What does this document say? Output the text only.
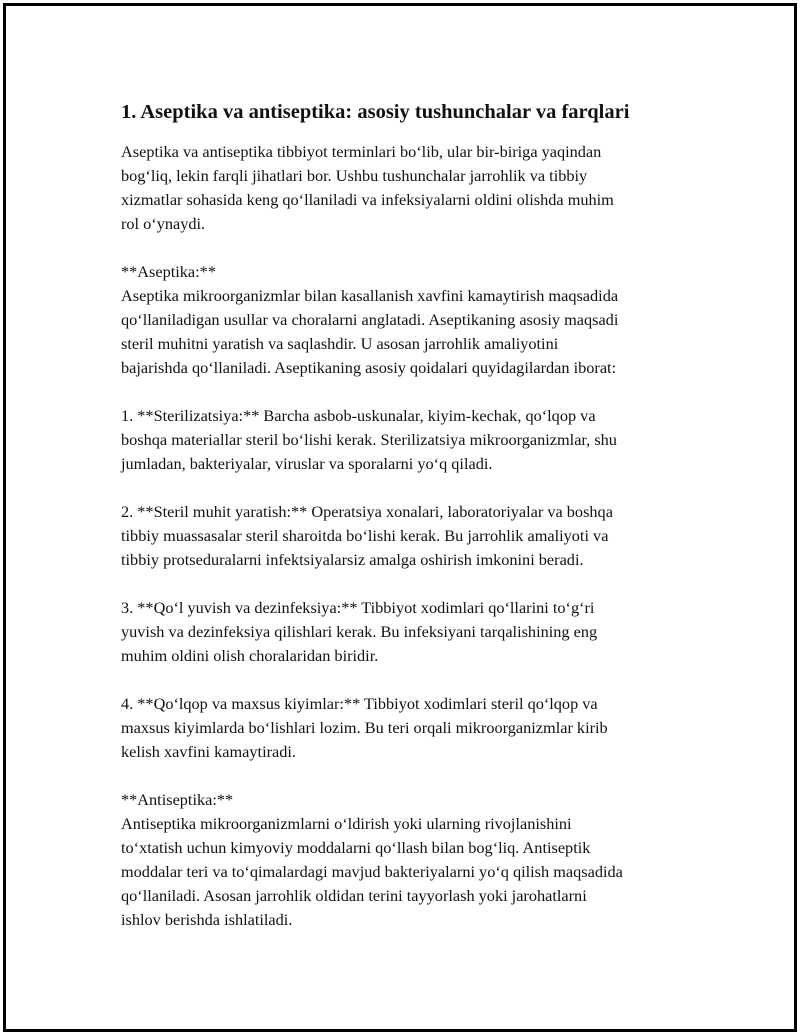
1. Aseptika va antiseptika: asosiy tushunchalar va farqlari

Aseptika va antiseptika tibbiyot terminlari bo‘lib, ular bir-biriga yaqindan
bog‘liq, lekin farqli jihatlari bor. Ushbu tushunchalar jarrohlik va tibbiy
xizmatlar sohasida keng qo‘llaniladi va infeksiyalarni oldini olishda muhim
rol o‘ynaydi.

**Aseptika:**
Aseptika mikroorganizmlar bilan kasallanish xavfini kamaytirish maqsadida
qo‘llaniladigan usullar va choralarni anglatadi. Aseptikaning asosiy maqsadi
steril muhitni yaratish va saqlashdir. U asosan jarrohlik amaliyotini
bajarishda qo‘llaniladi. Aseptikaning asosiy qoidalari quyidagilardan iborat:

1. **Sterilizatsiya:** Barcha asbob-uskunalar, kiyim-kechak, qo‘lqop va
boshqa materiallar steril bo‘lishi kerak. Sterilizatsiya mikroorganizmlar, shu
jumladan, bakteriyalar, viruslar va sporalarni yo‘q qiladi.

2. **Steril muhit yaratish:** Operatsiya xonalari, laboratoriyalar va boshqa
tibbiy muassasalar steril sharoitda bo‘lishi kerak. Bu jarrohlik amaliyoti va
tibbiy protseduralarni infektsiyalarsiz amalga oshirish imkonini beradi.

3. **Qo‘l yuvish va dezinfeksiya:** Tibbiyot xodimlari qo‘llarini to‘g‘ri
yuvish va dezinfeksiya qilishlari kerak. Bu infeksiyani tarqalishining eng
muhim oldini olish choralaridan biridir.

4. **Qo‘lqop va maxsus kiyimlar:** Tibbiyot xodimlari steril qo‘lqop va
maxsus kiyimlarda bo‘lishlari lozim. Bu teri orqali mikroorganizmlar kirib
kelish xavfini kamaytiradi.

**Antiseptika:**
Antiseptika mikroorganizmlarni o‘ldirish yoki ularning rivojlanishini
to‘xtatish uchun kimyoviy moddalarni qo‘llash bilan bog‘liq. Antiseptik
moddalar teri va to‘qimalardagi mavjud bakteriyalarni yo‘q qilish maqsadida
qo‘llaniladi. Asosan jarrohlik oldidan terini tayyorlash yoki jarohatlarni
ishlov berishda ishlatiladi.
